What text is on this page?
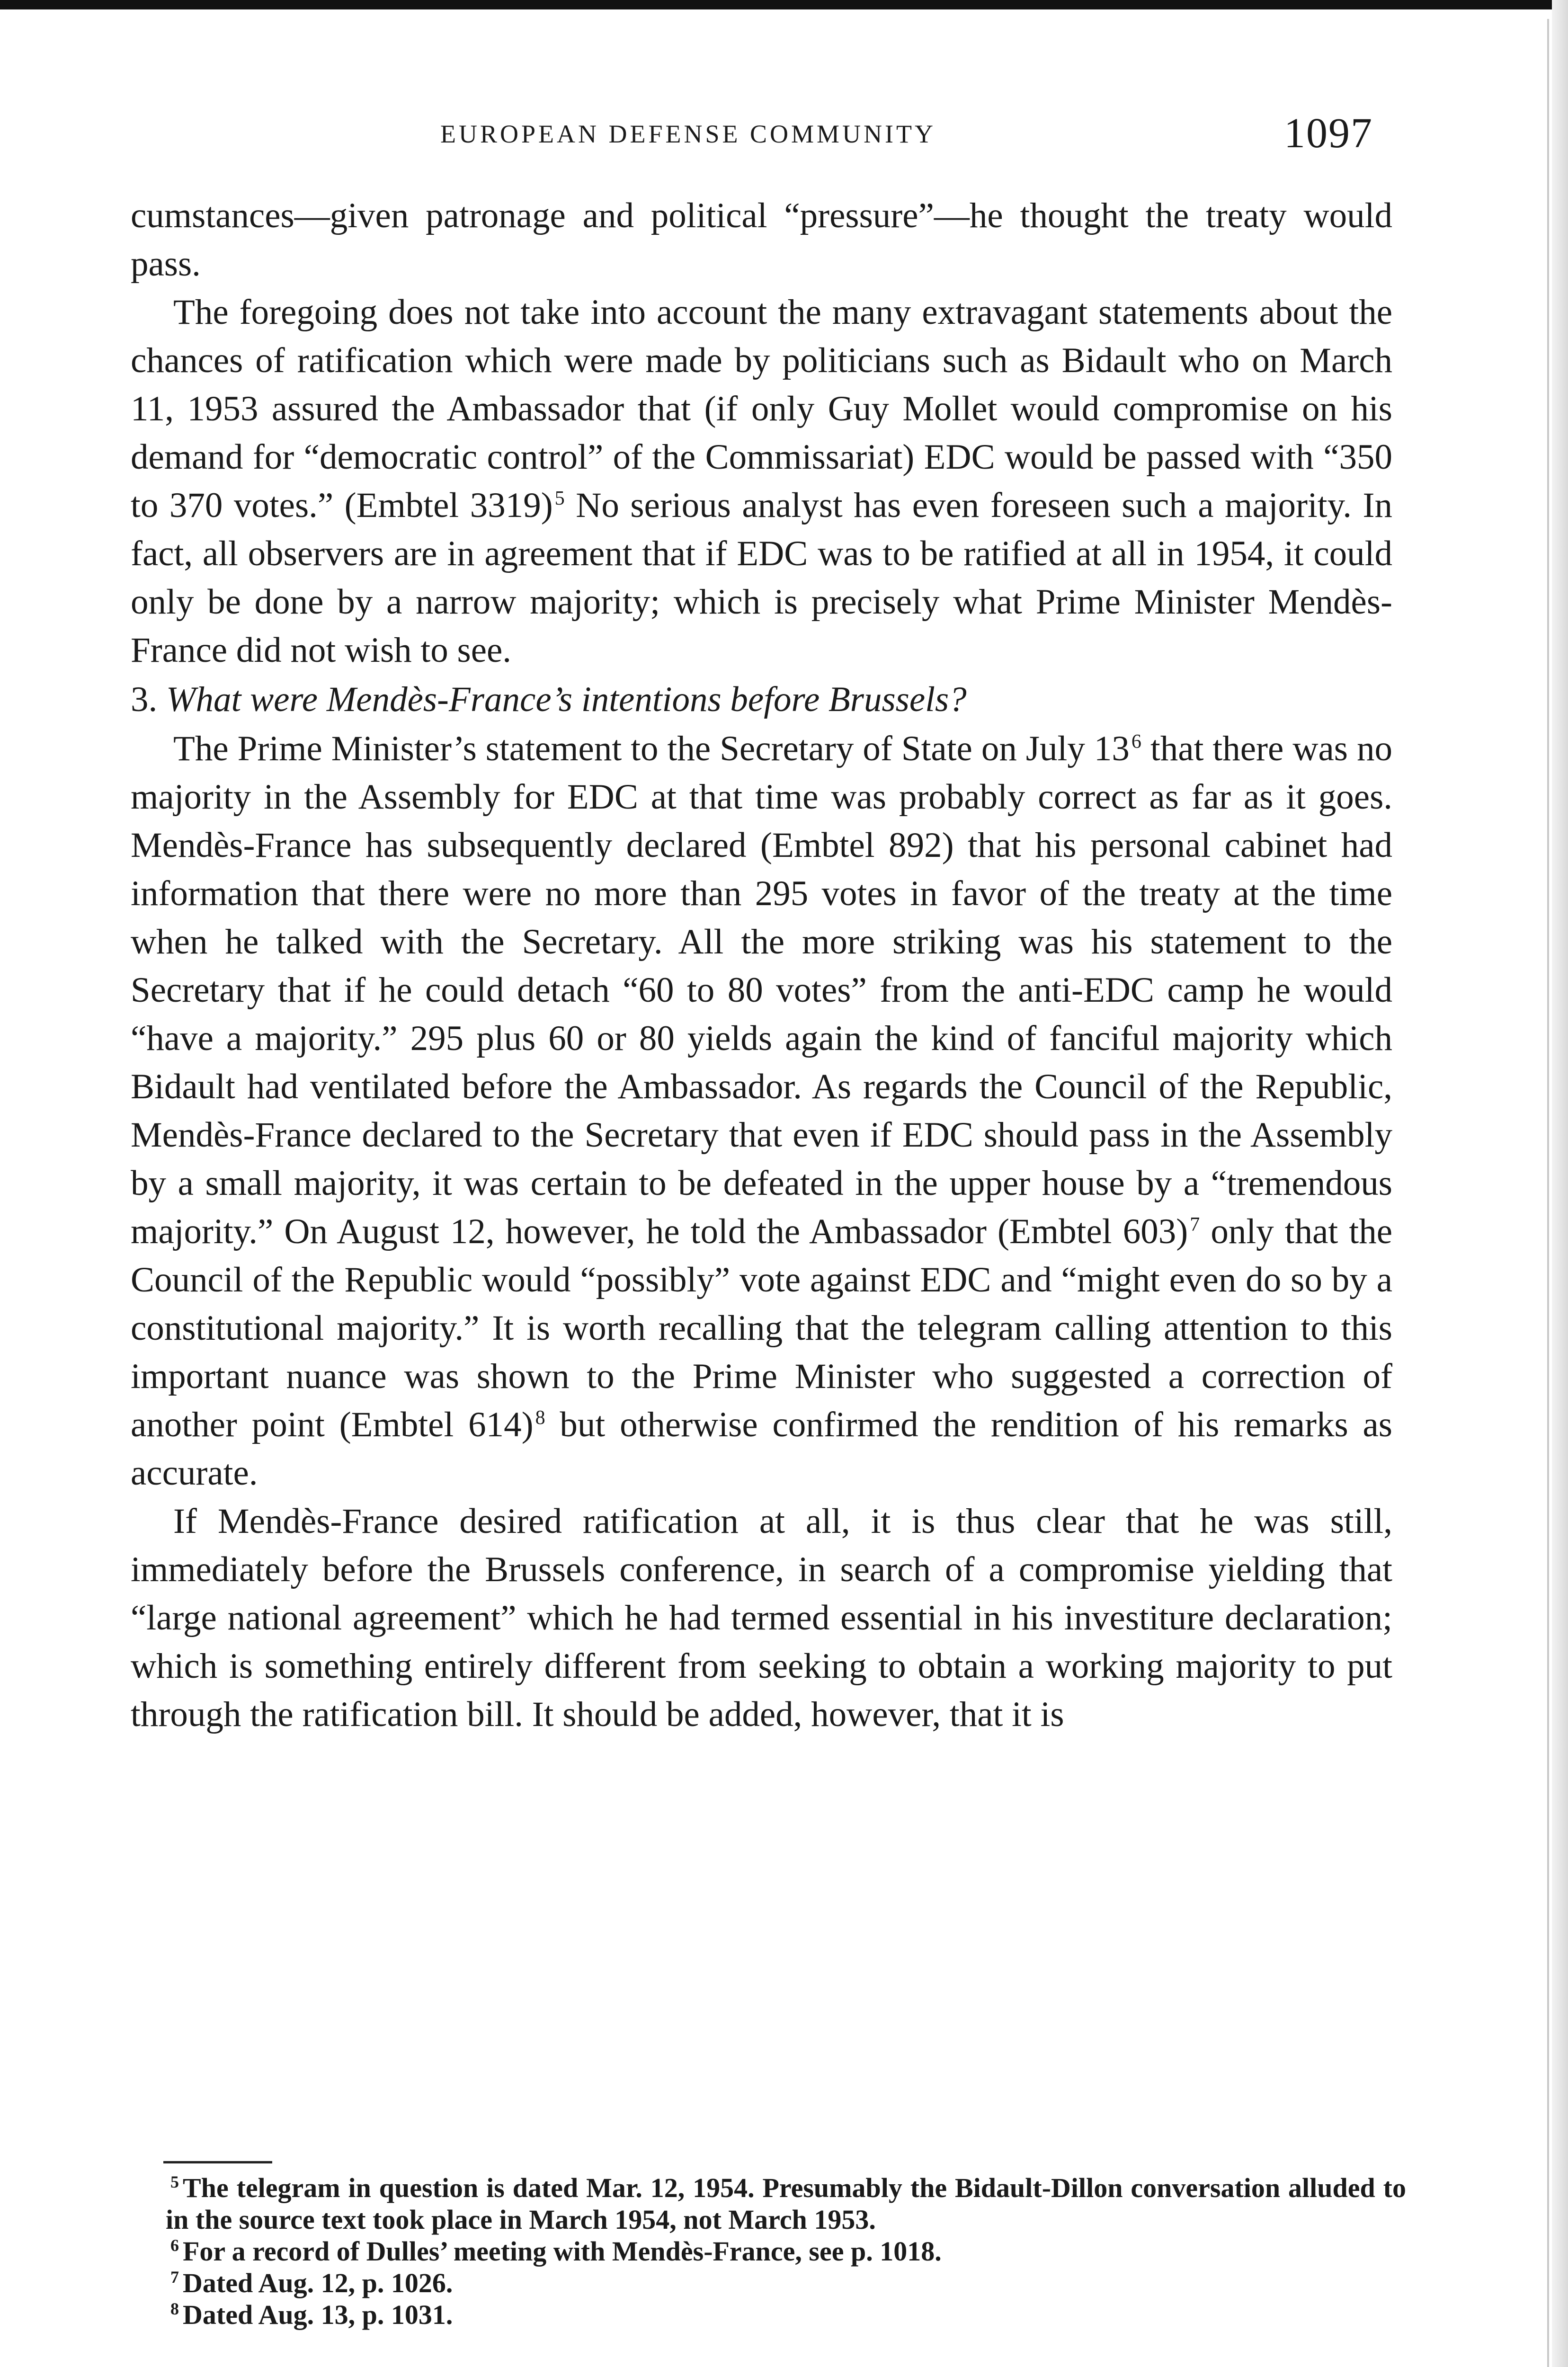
EUROPEAN DEFENSE COMMUNITY	1097

cumstances—given patronage and political “pressure”—he thought the treaty would pass.

The foregoing does not take into account the many extravagant statements about the chances of ratification which were made by politicians such as Bidault who on March 11, 1953 assured the Ambassador that (if only Guy Mollet would compromise on his demand for “democratic control” of the Commissariat) EDC would be passed with “350 to 370 votes.” (Embtel 3319)$^5$ No serious analyst has even foreseen such a majority. In fact, all observers are in agreement that if EDC was to be ratified at all in 1954, it could only be done by a narrow majority; which is precisely what Prime Minister Mendès-France did not wish to see.

3. What were Mendès-France’s intentions before Brussels?

The Prime Minister’s statement to the Secretary of State on July 13$^6$ that there was no majority in the Assembly for EDC at that time was probably correct as far as it goes. Mendès-France has subsequently declared (Embtel 892) that his personal cabinet had information that there were no more than 295 votes in favor of the treaty at the time when he talked with the Secretary. All the more striking was his statement to the Secretary that if he could detach “60 to 80 votes” from the anti-EDC camp he would “have a majority.” 295 plus 60 or 80 yields again the kind of fanciful majority which Bidault had ventilated before the Ambassador. As regards the Council of the Republic, Mendès-France declared to the Secretary that even if EDC should pass in the Assembly by a small majority, it was certain to be defeated in the upper house by a “tremendous majority.” On August 12, however, he told the Ambassador (Embtel 603)$^7$ only that the Council of the Republic would “possibly” vote against EDC and “might even do so by a constitutional majority.” It is worth recalling that the telegram calling attention to this important nuance was shown to the Prime Minister who suggested a correction of another point (Embtel 614)$^8$ but otherwise confirmed the rendition of his remarks as accurate.

If Mendès-France desired ratification at all, it is thus clear that he was still, immediately before the Brussels conference, in search of a compromise yielding that “large national agreement” which he had termed essential in his investiture declaration; which is something entirely different from seeking to obtain a working majority to put through the ratification bill. It should be added, however, that it is

$^5$ The telegram in question is dated Mar. 12, 1954. Presumably the Bidault-Dillon conversation alluded to in the source text took place in March 1954, not March 1953.

$^6$ For a record of Dulles’ meeting with Mendès-France, see p. 1018.

$^7$ Dated Aug. 12, p. 1026.

$^8$ Dated Aug. 13, p. 1031.
